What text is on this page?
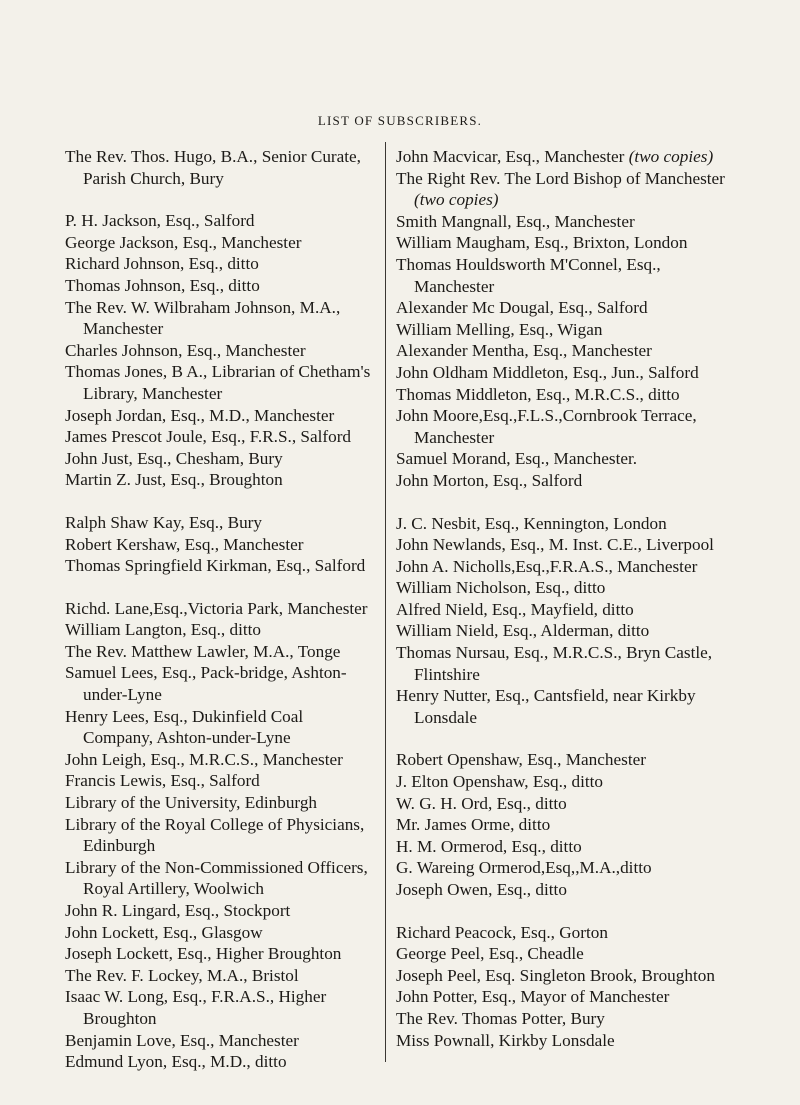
LIST OF SUBSCRIBERS.
The Rev. Thos. Hugo, B.A., Senior Curate, Parish Church, Bury
P. H. Jackson, Esq., Salford
George Jackson, Esq., Manchester
Richard Johnson, Esq., ditto
Thomas Johnson, Esq., ditto
The Rev. W. Wilbraham Johnson, M.A., Manchester
Charles Johnson, Esq., Manchester
Thomas Jones, B A., Librarian of Chetham's Library, Manchester
Joseph Jordan, Esq., M.D., Manchester
James Prescot Joule, Esq., F.R.S., Salford
John Just, Esq., Chesham, Bury
Martin Z. Just, Esq., Broughton
Ralph Shaw Kay, Esq., Bury
Robert Kershaw, Esq., Manchester
Thomas Springfield Kirkman, Esq., Salford
Richd. Lane,Esq.,Victoria Park, Manchester
William Langton, Esq., ditto
The Rev. Matthew Lawler, M.A., Tonge
Samuel Lees, Esq., Pack-bridge, Ashton-under-Lyne
Henry Lees, Esq., Dukinfield Coal Company, Ashton-under-Lyne
John Leigh, Esq., M.R.C.S., Manchester
Francis Lewis, Esq., Salford
Library of the University, Edinburgh
Library of the Royal College of Physicians, Edinburgh
Library of the Non-Commissioned Officers, Royal Artillery, Woolwich
John R. Lingard, Esq., Stockport
John Lockett, Esq., Glasgow
Joseph Lockett, Esq., Higher Broughton
The Rev. F. Lockey, M.A., Bristol
Isaac W. Long, Esq., F.R.A.S., Higher Broughton
Benjamin Love, Esq., Manchester
Edmund Lyon, Esq., M.D., ditto
John Macvicar, Esq., Manchester (two copies)
The Right Rev. The Lord Bishop of Manchester (two copies)
Smith Mangnall, Esq., Manchester
William Maugham, Esq., Brixton, London
Thomas Houldsworth M'Connel, Esq., Manchester
Alexander Mc Dougal, Esq., Salford
William Melling, Esq., Wigan
Alexander Mentha, Esq., Manchester
John Oldham Middleton, Esq., Jun., Salford
Thomas Middleton, Esq., M.R.C.S., ditto
John Moore,Esq.,F.L.S.,Cornbrook Terrace, Manchester
Samuel Morand, Esq., Manchester.
John Morton, Esq., Salford
J. C. Nesbit, Esq., Kennington, London
John Newlands, Esq., M. Inst. C.E., Liverpool
John A. Nicholls,Esq.,F.R.A.S., Manchester
William Nicholson, Esq., ditto
Alfred Nield, Esq., Mayfield, ditto
William Nield, Esq., Alderman, ditto
Thomas Nursau, Esq., M.R.C.S., Bryn Castle, Flintshire
Henry Nutter, Esq., Cantsfield, near Kirkby Lonsdale
Robert Openshaw, Esq., Manchester
J. Elton Openshaw, Esq., ditto
W. G. H. Ord, Esq., ditto
Mr. James Orme, ditto
H. M. Ormerod, Esq., ditto
G. Wareing Ormerod,Esq,,M.A.,ditto
Joseph Owen, Esq., ditto
Richard Peacock, Esq., Gorton
George Peel, Esq., Cheadle
Joseph Peel, Esq. Singleton Brook, Broughton
John Potter, Esq., Mayor of Manchester
The Rev. Thomas Potter, Bury
Miss Pownall, Kirkby Lonsdale
